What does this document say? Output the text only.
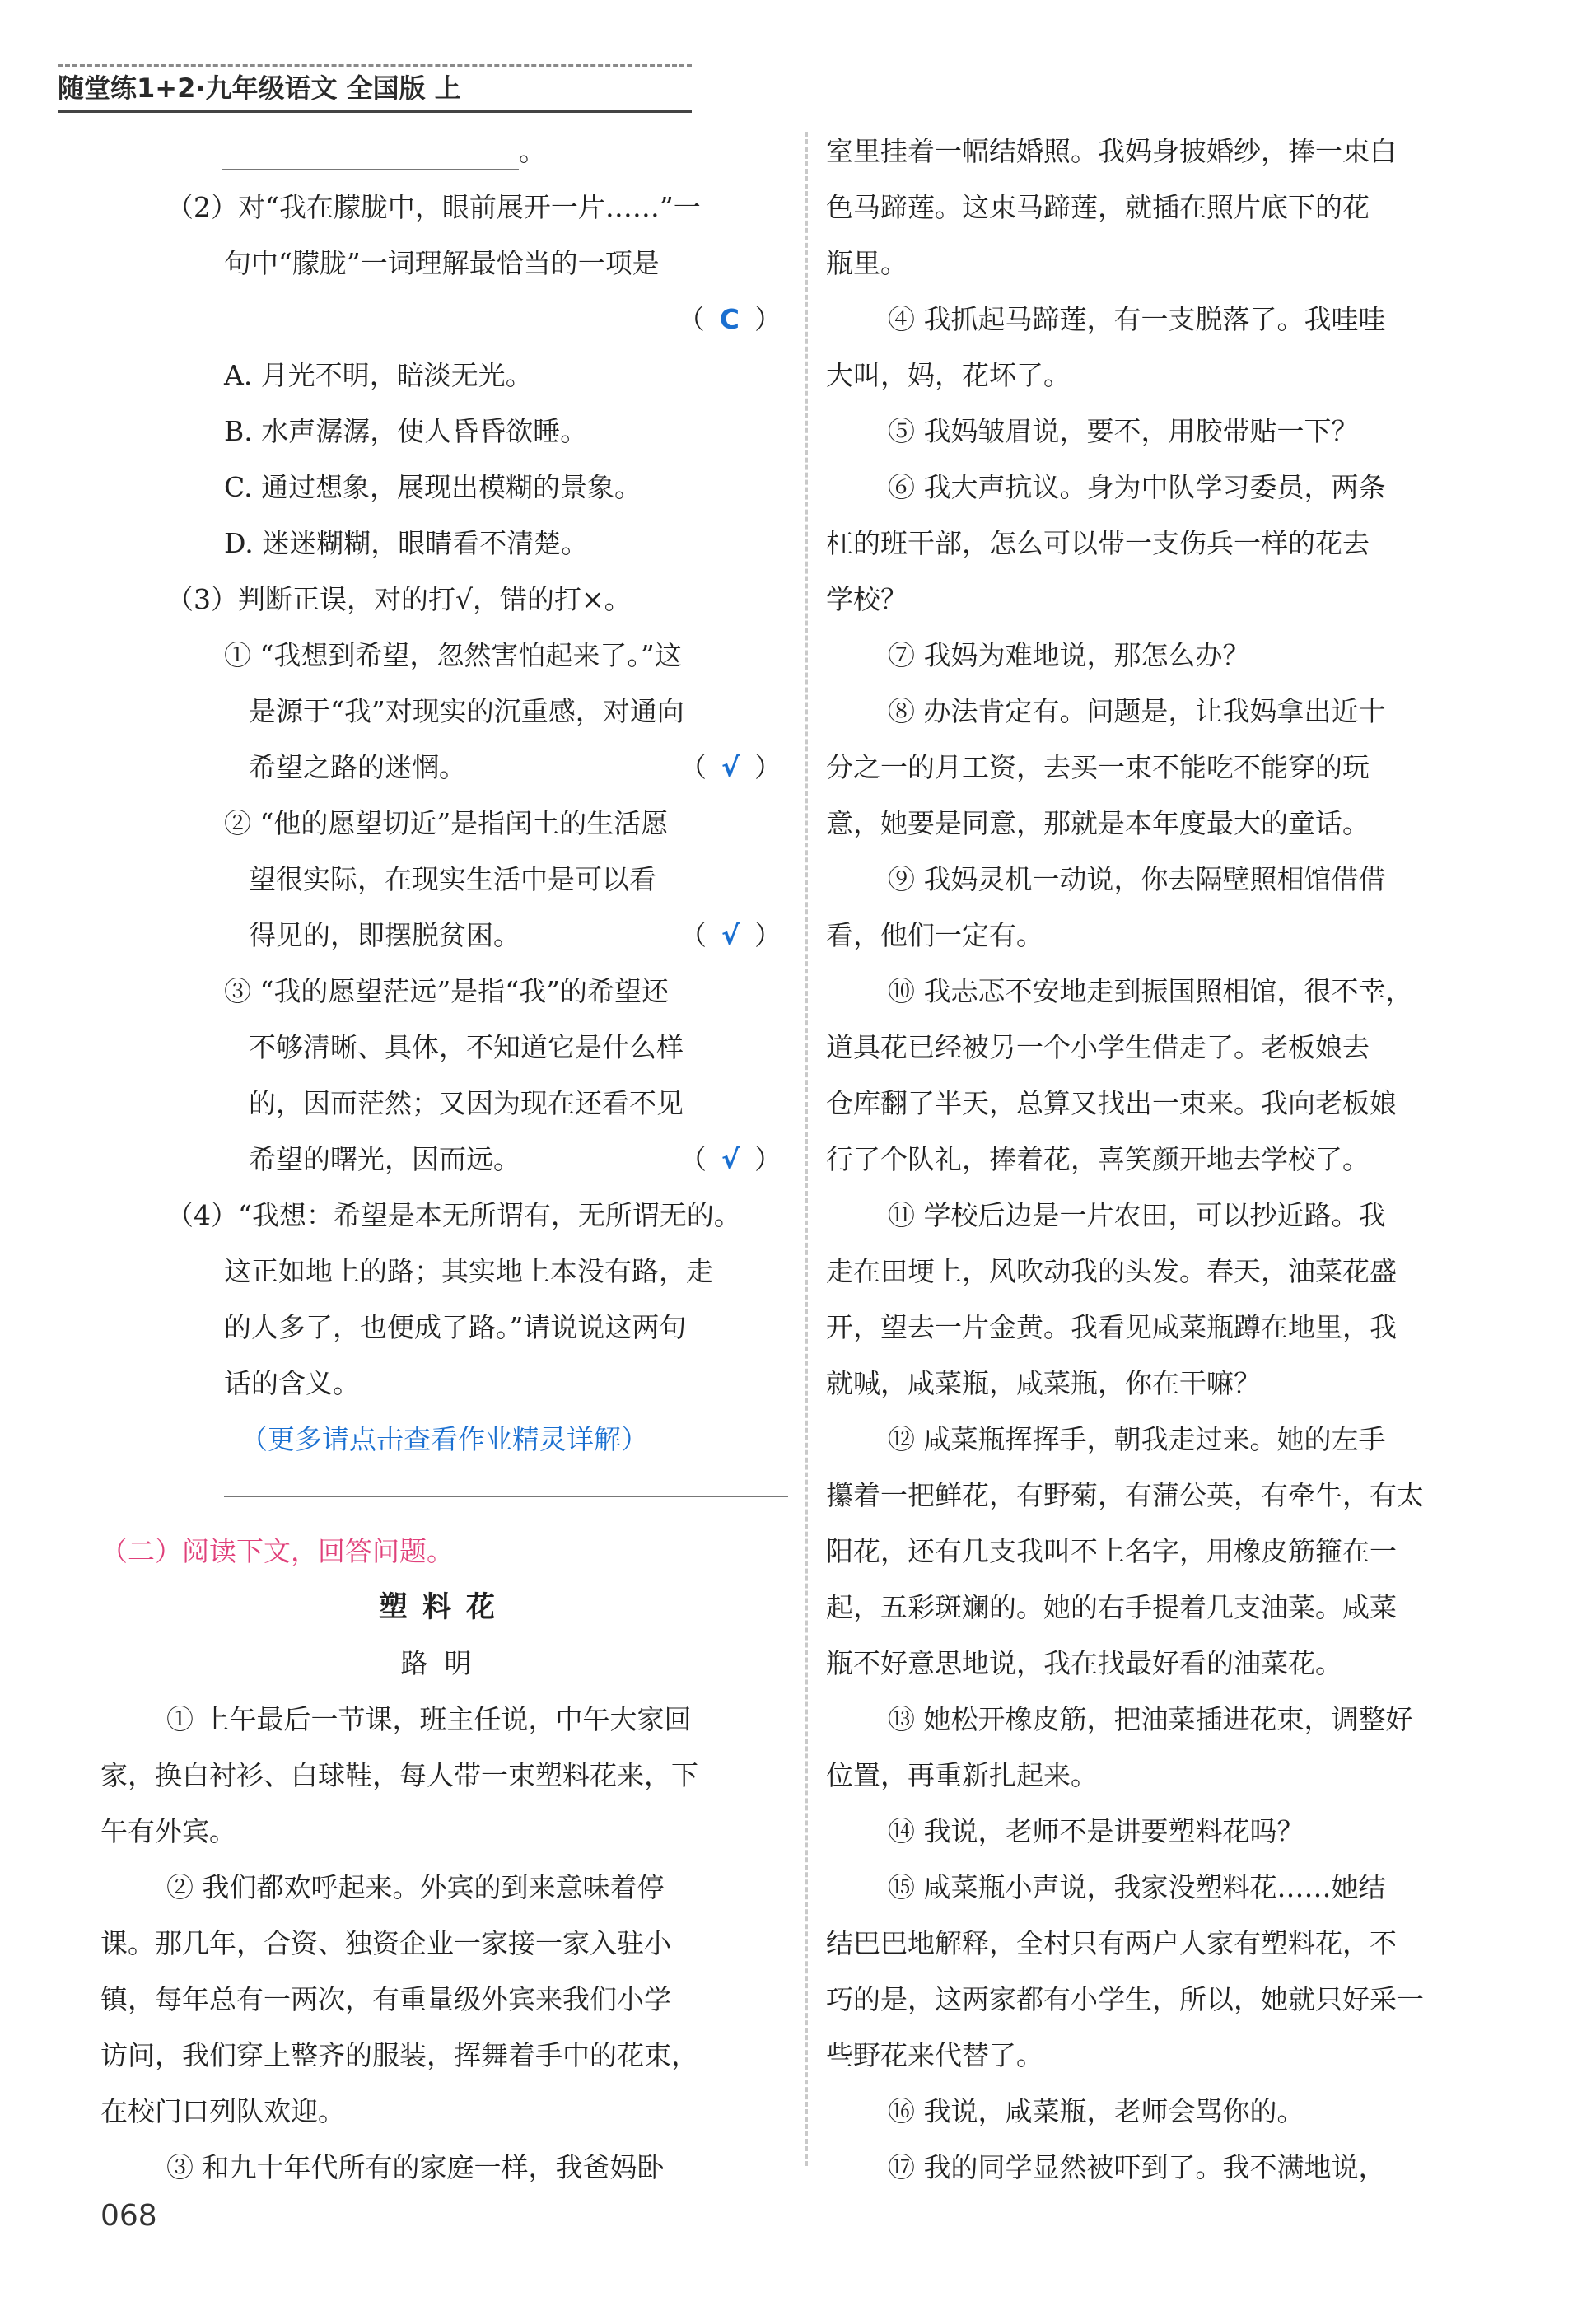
随堂练1+2·九年级语文 全国版 上
。
（2）对“我在朦胧中，眼前展开一片……”一
句中“朦胧”一词理解最恰当的一项是
（ C ）
A. 月光不明，暗淡无光。
B. 水声潺潺，使人昏昏欲睡。
C. 通过想象，展现出模糊的景象。
D. 迷迷糊糊，眼睛看不清楚。
（3）判断正误，对的打√，错的打×。
① “我想到希望，忽然害怕起来了。”这
是源于“我”对现实的沉重感，对通向
希望之路的迷惘。	（ √ ）
② “他的愿望切近”是指闰土的生活愿
望很实际，在现实生活中是可以看
得见的，即摆脱贫困。	（ √ ）
③ “我的愿望茫远”是指“我”的希望还
不够清晰、具体，不知道它是什么样
的，因而茫然；又因为现在还看不见
希望的曙光，因而远。	（ √ ）
（4）“我想：希望是本无所谓有，无所谓无的。
这正如地上的路；其实地上本没有路，走
的人多了，也便成了路。”请说说这两句
话的含义。
（更多请点击查看作业精灵详解）
（二）阅读下文，回答问题。
塑料花
路明
① 上午最后一节课，班主任说，中午大家回
家，换白衬衫、白球鞋，每人带一束塑料花来，下
午有外宾。
② 我们都欢呼起来。外宾的到来意味着停
课。那几年，合资、独资企业一家接一家入驻小
镇，每年总有一两次，有重量级外宾来我们小学
访问，我们穿上整齐的服装，挥舞着手中的花束，
在校门口列队欢迎。
③ 和九十年代所有的家庭一样，我爸妈卧
室里挂着一幅结婚照。我妈身披婚纱，捧一束白
色马蹄莲。这束马蹄莲，就插在照片底下的花
瓶里。
④ 我抓起马蹄莲，有一支脱落了。我哇哇
大叫，妈，花坏了。
⑤ 我妈皱眉说，要不，用胶带贴一下？
⑥ 我大声抗议。身为中队学习委员，两条
杠的班干部，怎么可以带一支伤兵一样的花去
学校？
⑦ 我妈为难地说，那怎么办？
⑧ 办法肯定有。问题是，让我妈拿出近十
分之一的月工资，去买一束不能吃不能穿的玩
意，她要是同意，那就是本年度最大的童话。
⑨ 我妈灵机一动说，你去隔壁照相馆借借
看，他们一定有。
⑩ 我忐忑不安地走到振国照相馆，很不幸，
道具花已经被另一个小学生借走了。老板娘去
仓库翻了半天，总算又找出一束来。我向老板娘
行了个队礼，捧着花，喜笑颜开地去学校了。
⑪ 学校后边是一片农田，可以抄近路。我
走在田埂上，风吹动我的头发。春天，油菜花盛
开，望去一片金黄。我看见咸菜瓶蹲在地里，我
就喊，咸菜瓶，咸菜瓶，你在干嘛？
⑫ 咸菜瓶挥挥手，朝我走过来。她的左手
攥着一把鲜花，有野菊，有蒲公英，有牵牛，有太
阳花，还有几支我叫不上名字，用橡皮筋箍在一
起，五彩斑斓的。她的右手提着几支油菜。咸菜
瓶不好意思地说，我在找最好看的油菜花。
⑬ 她松开橡皮筋，把油菜插进花束，调整好
位置，再重新扎起来。
⑭ 我说，老师不是讲要塑料花吗？
⑮ 咸菜瓶小声说，我家没塑料花……她结
结巴巴地解释，全村只有两户人家有塑料花，不
巧的是，这两家都有小学生，所以，她就只好采一
些野花来代替了。
⑯ 我说，咸菜瓶，老师会骂你的。
⑰ 我的同学显然被吓到了。我不满地说，
068
